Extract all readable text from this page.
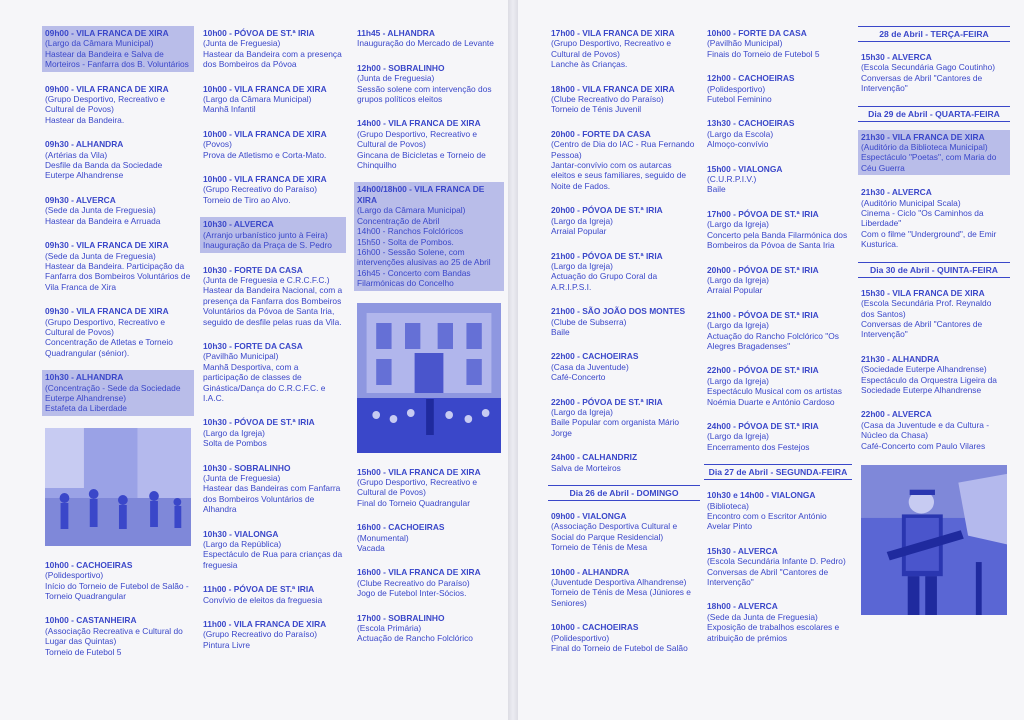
09h00 - VILA FRANCA DE XIRA
(Largo da Câmara Municipal)
Hastear da Bandeira e Salva de Morteiros - Fanfarra dos B. Voluntários
09h00 - VILA FRANCA DE XIRA
(Grupo Desportivo, Recreativo e Cultural de Povos)
Hastear da Bandeira.
09h30 - ALHANDRA
(Artérias da Vila)
Desfile da Banda da Sociedade Euterpe Alhandrense
09h30 - ALVERCA
(Sede da Junta de Freguesia)
Hastear da Bandeira e Arruada
09h30 - VILA FRANCA DE XIRA
(Sede da Junta de Freguesia)
Hastear da Bandeira. Participação da Fanfarra dos Bombeiros Voluntários de Vila Franca de Xira
09h30 - VILA FRANCA DE XIRA
(Grupo Desportivo, Recreativo e Cultural de Povos)
Concentração de Atletas e Torneio Quadrangular (sénior).
10h30 - ALHANDRA
(Concentração - Sede da Sociedade Euterpe Alhandrense)
Estafeta da Liberdade
10h00 - CACHOEIRAS
(Polidesportivo)
Início do Torneio de Futebol de Salão - Torneio Quadrangular
10h00 - CASTANHEIRA
(Associação Recreativa e Cultural do Lugar das Quintas)
Torneio de Futebol 5
10h00 - PÓVOA DE ST.ª IRIA
(Junta de Freguesia)
Hastear da Bandeira com a presença dos Bombeiros da Póvoa
10h00 - VILA FRANCA DE XIRA
(Largo da Câmara Municipal)
Manhã Infantil
10h00 - VILA FRANCA DE XIRA
(Povos)
Prova de Atletismo e Corta-Mato.
10h00 - VILA FRANCA DE XIRA
(Grupo Recreativo do Paraíso)
Torneio de Tiro ao Alvo.
10h30 - ALVERCA
(Arranjo urbanístico junto à Feira)
Inauguração da Praça de S. Pedro
10h30 - FORTE DA CASA
(Junta de Freguesia e C.R.C.F.C.)
Hastear da Bandeira Nacional, com a presença da Fanfarra dos Bombeiros Voluntários da Póvoa de Santa Iria, seguido de desfile pelas ruas da Vila.
10h30 - FORTE DA CASA
(Pavilhão Municipal)
Manhã Desportiva, com a participação de classes de Ginástica/Dança do C.R.C.F.C. e I.A.C.
10h30 - PÓVOA DE ST.ª IRIA
(Largo da Igreja)
Solta de Pombos
10h30 - SOBRALINHO
(Junta de Freguesia)
Hastear das Bandeiras com Fanfarra dos Bombeiros Voluntários de Alhandra
10h30 - VIALONGA
(Largo da República)
Espectáculo de Rua para crianças da freguesia
11h00 - PÓVOA DE ST.ª IRIA
Convívio de eleitos da freguesia
11h00 - VILA FRANCA DE XIRA
(Grupo Recreativo do Paraíso)
Pintura Livre
11h45 - ALHANDRA
Inauguração do Mercado de Levante
12h00 - SOBRALINHO
(Junta de Freguesia)
Sessão solene com intervenção dos grupos políticos eleitos
14h00 - VILA FRANCA DE XIRA
(Grupo Desportivo, Recreativo e Cultural de Povos)
Gincana de Bicicletas e Torneio de Chinquilho
14h00/18h00 - VILA FRANCA DE XIRA
(Largo da Câmara Municipal)
Concentração de Abril
14h00 - Ranchos Folclóricos
15h50 - Solta de Pombos.
16h00 - Sessão Solene, com intervenções alusivas ao 25 de Abril
16h45 - Concerto com Bandas Filarmónicas do Concelho
15h00 - VILA FRANCA DE XIRA
(Grupo Desportivo, Recreativo e Cultural de Povos)
Final do Torneio Quadrangular
16h00 - CACHOEIRAS
(Monumental)
Vacada
16h00 - VILA FRANCA DE XIRA
(Clube Recreativo do Paraíso)
Jogo de Futebol Inter-Sócios.
17h00 - SOBRALINHO
(Escola Primária)
Actuação de Rancho Folclórico
17h00 - VILA FRANCA DE XIRA
(Grupo Desportivo, Recreativo e Cultural de Povos)
Lanche às Crianças.
18h00 - VILA FRANCA DE XIRA
(Clube Recreativo do Paraíso)
Torneio de Ténis Juvenil
20h00 - FORTE DA CASA
(Centro de Dia do IAC - Rua Fernando Pessoa)
Jantar-convívio com os autarcas eleitos e seus familiares, seguido de Noite de Fados.
20h00 - PÓVOA DE ST.ª IRIA
(Largo da Igreja)
Arraial Popular
21h00 - PÓVOA DE ST.ª IRIA
(Largo da Igreja)
Actuação do Grupo Coral da A.R.I.P.S.I.
21h00 - SÃO JOÃO DOS MONTES
(Clube de Subserra)
Baile
22h00 - CACHOEIRAS
(Casa da Juventude)
Café-Concerto
22h00 - PÓVOA DE ST.ª IRIA
(Largo da Igreja)
Baile Popular com organista Mário Jorge
24h00 - CALHANDRIZ
Salva de Morteiros
Dia 26 de Abril - DOMINGO
09h00 - VIALONGA
(Associação Desportiva Cultural e Social do Parque Residencial)
Torneio de Ténis de Mesa
10h00 - ALHANDRA
(Juventude Desportiva Alhandrense)
Torneio de Ténis de Mesa (Júniores e Seniores)
10h00 - CACHOEIRAS
(Polidesportivo)
Final do Torneio de Futebol de Salão
10h00 - FORTE DA CASA
(Pavilhão Municipal)
Finais do Torneio de Futebol 5
12h00 - CACHOEIRAS
(Polidesportivo)
Futebol Feminino
13h30 - CACHOEIRAS
(Largo da Escola)
Almoço-convívio
15h00 - VIALONGA
(C.U.R.P.I.V.)
Baile
17h00 - PÓVOA DE ST.ª IRIA
(Largo da Igreja)
Concerto pela Banda Filarmónica dos Bombeiros da Póvoa de Santa Iria
20h00 - PÓVOA DE ST.ª IRIA
(Largo da Igreja)
Arraial Popular
21h00 - PÓVOA DE ST.ª IRIA
(Largo da Igreja)
Actuação do Rancho Folclórico "Os Alegres Bragadenses"
22h00 - PÓVOA DE ST.ª IRIA
(Largo da Igreja)
Espectáculo Musical com os artistas Noémia Duarte e António Cardoso
24h00 - PÓVOA DE ST.ª IRIA
(Largo da Igreja)
Encerramento dos Festejos
Dia 27 de Abril - SEGUNDA-FEIRA
10h30 e 14h00 - VIALONGA
(Biblioteca)
Encontro com o Escritor António Avelar Pinto
15h30 - ALVERCA
(Escola Secundária Infante D. Pedro)
Conversas de Abril "Cantores de Intervenção"
18h00 - ALVERCA
(Sede da Junta de Freguesia)
Exposição de trabalhos escolares e atribuição de prémios
28 de Abril - TERÇA-FEIRA
15h30 - ALVERCA
(Escola Secundária Gago Coutinho)
Conversas de Abril "Cantores de Intervenção"
Dia 29 de Abril - QUARTA-FEIRA
21h30 - VILA FRANCA DE XIRA
(Auditório da Biblioteca Municipal)
Espectáculo "Poetas", com Maria do Céu Guerra
21h30 - ALVERCA
(Auditório Municipal Scala)
Cinema - Ciclo "Os Caminhos da Liberdade"
Com o filme "Underground", de Emir Kusturica.
Dia 30 de Abril - QUINTA-FEIRA
15h30 - VILA FRANCA DE XIRA
(Escola Secundária Prof. Reynaldo dos Santos)
Conversas de Abril "Cantores de Intervenção"
21h30 - ALHANDRA
(Sociedade Euterpe Alhandrense)
Espectáculo da Orquestra Ligeira da Sociedade Euterpe Alhandrense
22h00 - ALVERCA
(Casa da Juventude e da Cultura - Núcleo da Chasa)
Café-Concerto com Paulo Vilares
